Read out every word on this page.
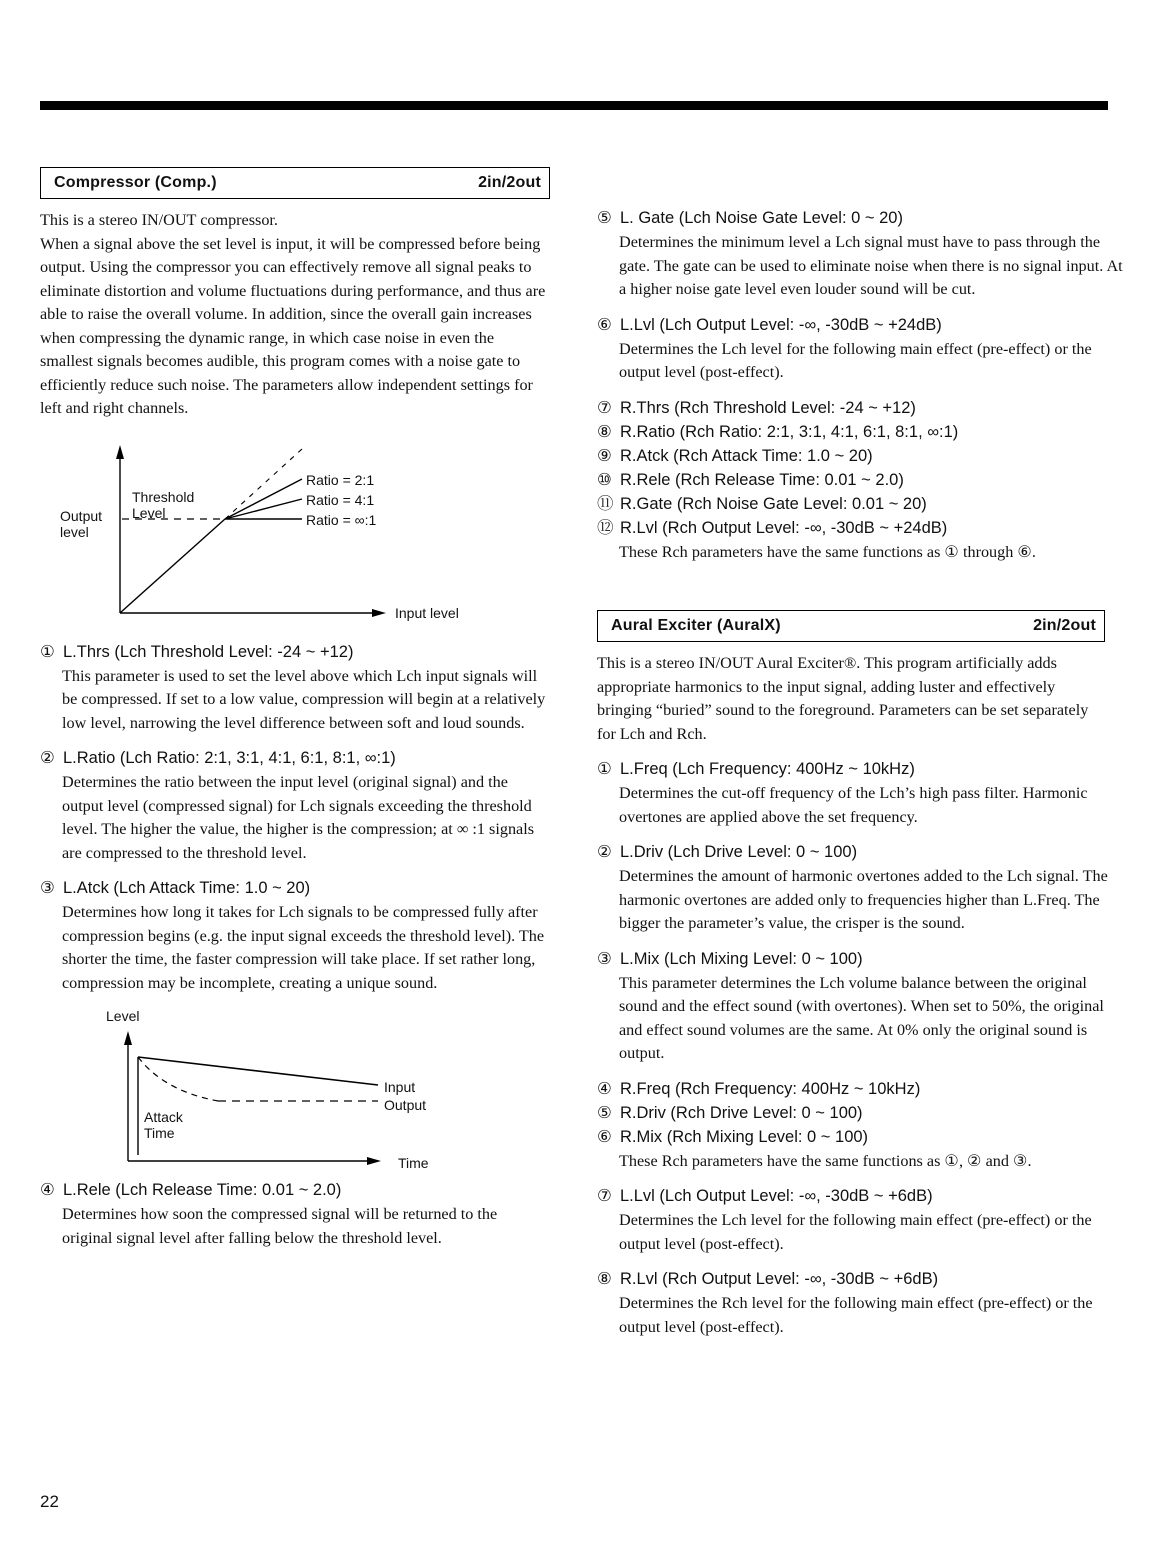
Compressor (Comp.)	2in/2out

This is a stereo IN/OUT compressor.

When a signal above the set level is input, it will be compressed before being output. Using the compressor you can effectively remove all signal peaks to eliminate distortion and volume fluctuations during performance, and thus are able to raise the overall volume. In addition, since the overall gain increases when compressing the dynamic range, in which case noise in even the smallest signals becomes audible, this program comes with a noise gate to efficiently reduce such noise. The parameters allow independent settings for left and right channels.

Output level
Threshold Level
Ratio = 2:1
Ratio = 4:1
Ratio = ∞:1
Input level
① L.Thrs (Lch Threshold Level: -24 ~ +12)
This parameter is used to set the level above which Lch input signals will be compressed. If set to a low value, compression will begin at a relatively low level, narrowing the level difference between soft and loud sounds.
② L.Ratio (Lch Ratio: 2:1, 3:1, 4:1, 6:1, 8:1, ∞:1)
Determines the ratio between the input level (original signal) and the output level (compressed signal) for Lch signals exceeding the threshold level. The higher the value, the higher is the compression; at ∞ :1 signals are compressed to the threshold level.
③ L.Atck (Lch Attack Time: 1.0 ~ 20)
Determines how long it takes for Lch signals to be compressed fully after compression begins (e.g. the input signal exceeds the threshold level). The shorter the time, the faster compression will take place. If set rather long, compression may be incomplete, creating a unique sound.
Level
Input
Output
Attack Time
Time
④ L.Rele (Lch Release Time: 0.01 ~ 2.0)
Determines how soon the compressed signal will be returned to the original signal level after falling below the threshold level.
⑤ L. Gate (Lch Noise Gate Level: 0 ~ 20)
Determines the minimum level a Lch signal must have to pass through the gate. The gate can be used to eliminate noise when there is no signal input. At a higher noise gate level even louder sound will be cut.
⑥ L.Lvl (Lch Output Level: -∞, -30dB ~ +24dB)
Determines the Lch level for the following main effect (pre-effect) or the output level (post-effect).
⑦ R.Thrs (Rch Threshold Level: -24 ~ +12)
⑧ R.Ratio (Rch Ratio: 2:1, 3:1, 4:1, 6:1, 8:1, ∞:1)
⑨ R.Atck (Rch Attack Time: 1.0 ~ 20)
⑩ R.Rele (Rch Release Time: 0.01 ~ 2.0)
⑪ R.Gate (Rch Noise Gate Level: 0.01 ~ 20)
⑫ R.Lvl (Rch Output Level: -∞, -30dB ~ +24dB)
These Rch parameters have the same functions as ① through ⑥.
Aural Exciter (AuralX)	2in/2out

This is a stereo IN/OUT Aural Exciter®. This program artificially adds appropriate harmonics to the input signal, adding luster and effectively bringing “buried” sound to the foreground. Parameters can be set separately for Lch and Rch.

① L.Freq (Lch Frequency: 400Hz ~ 10kHz)
Determines the cut-off frequency of the Lch’s high pass filter. Harmonic overtones are applied above the set frequency.
② L.Driv (Lch Drive Level: 0 ~ 100)
Determines the amount of harmonic overtones added to the Lch signal. The harmonic overtones are added only to frequencies higher than L.Freq. The bigger the parameter’s value, the crisper is the sound.
③ L.Mix (Lch Mixing Level: 0 ~ 100)
This parameter determines the Lch volume balance between the original sound and the effect sound (with overtones). When set to 50%, the original and effect sound volumes are the same. At 0% only the original sound is output.
④ R.Freq (Rch Frequency: 400Hz ~ 10kHz)
⑤ R.Driv (Rch Drive Level: 0 ~ 100)
⑥ R.Mix (Rch Mixing Level: 0 ~ 100)
These Rch parameters have the same functions as ①, ② and ③.
⑦ L.Lvl (Lch Output Level: -∞, -30dB ~ +6dB)
Determines the Lch level for the following main effect (pre-effect) or the output level (post-effect).
⑧ R.Lvl (Rch Output Level: -∞, -30dB ~ +6dB)
Determines the Rch level for the following main effect (pre-effect) or the output level (post-effect).
22
